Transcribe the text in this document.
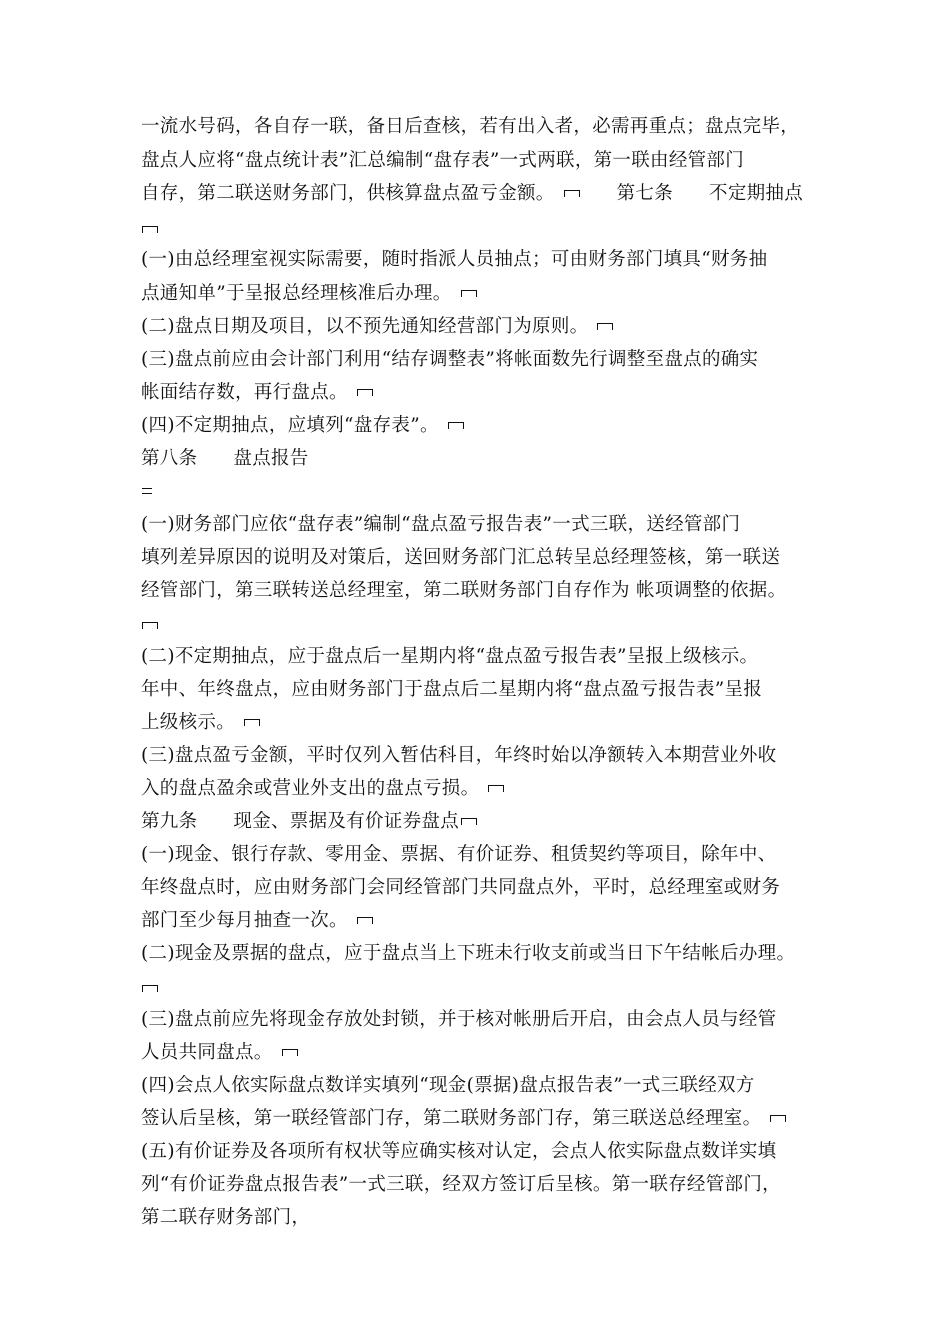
一流水号码，各自存一联，备日后查核，若有出入者，必需再重点；盘点完毕，
盘点人应将“盘点统计表”汇总编制“盘存表”一式两联，第一联由经管部门
自存，第二联送财务部门，供核算盘点盈亏金额。	第七条 不定期抽点
(一)由总经理室视实际需要，随时指派人员抽点；可由财务部门填具“财务抽
点通知单”于呈报总经理核准后办理。
(二)盘点日期及项目，以不预先通知经营部门为原则。
(三)盘点前应由会计部门利用“结存调整表”将帐面数先行调整至盘点的确实
帐面结存数，再行盘点。
(四)不定期抽点，应填列“盘存表”。
第八条 盘点报告
(一)财务部门应依“盘存表”编制“盘点盈亏报告表”一式三联，送经管部门
填列差异原因的说明及对策后，送回财务部门汇总转呈总经理签核，第一联送
经管部门，第三联转送总经理室，第二联财务部门自存作为 帐项调整的依据。
(二)不定期抽点，应于盘点后一星期内将“盘点盈亏报告表”呈报上级核示。
年中、年终盘点，应由财务部门于盘点后二星期内将“盘点盈亏报告表”呈报
上级核示。
(三)盘点盈亏金额，平时仅列入暂估科目，年终时始以净额转入本期营业外收
入的盘点盈余或营业外支出的盘点亏损。
第九条 现金、票据及有价证券盘点
(一)现金、银行存款、零用金、票据、有价证券、租赁契约等项目，除年中、
年终盘点时，应由财务部门会同经管部门共同盘点外，平时，总经理室或财务
部门至少每月抽查一次。
(二)现金及票据的盘点，应于盘点当上下班未行收支前或当日下午结帐后办理。
(三)盘点前应先将现金存放处封锁，并于核对帐册后开启，由会点人员与经管
人员共同盘点。
(四)会点人依实际盘点数详实填列“现金(票据)盘点报告表”一式三联经双方
签认后呈核，第一联经管部门存，第二联财务部门存，第三联送总经理室。
(五)有价证券及各项所有权状等应确实核对认定，会点人依实际盘点数详实填
列“有价证券盘点报告表”一式三联，经双方签订后呈核。第一联存经管部门，
第二联存财务部门，
